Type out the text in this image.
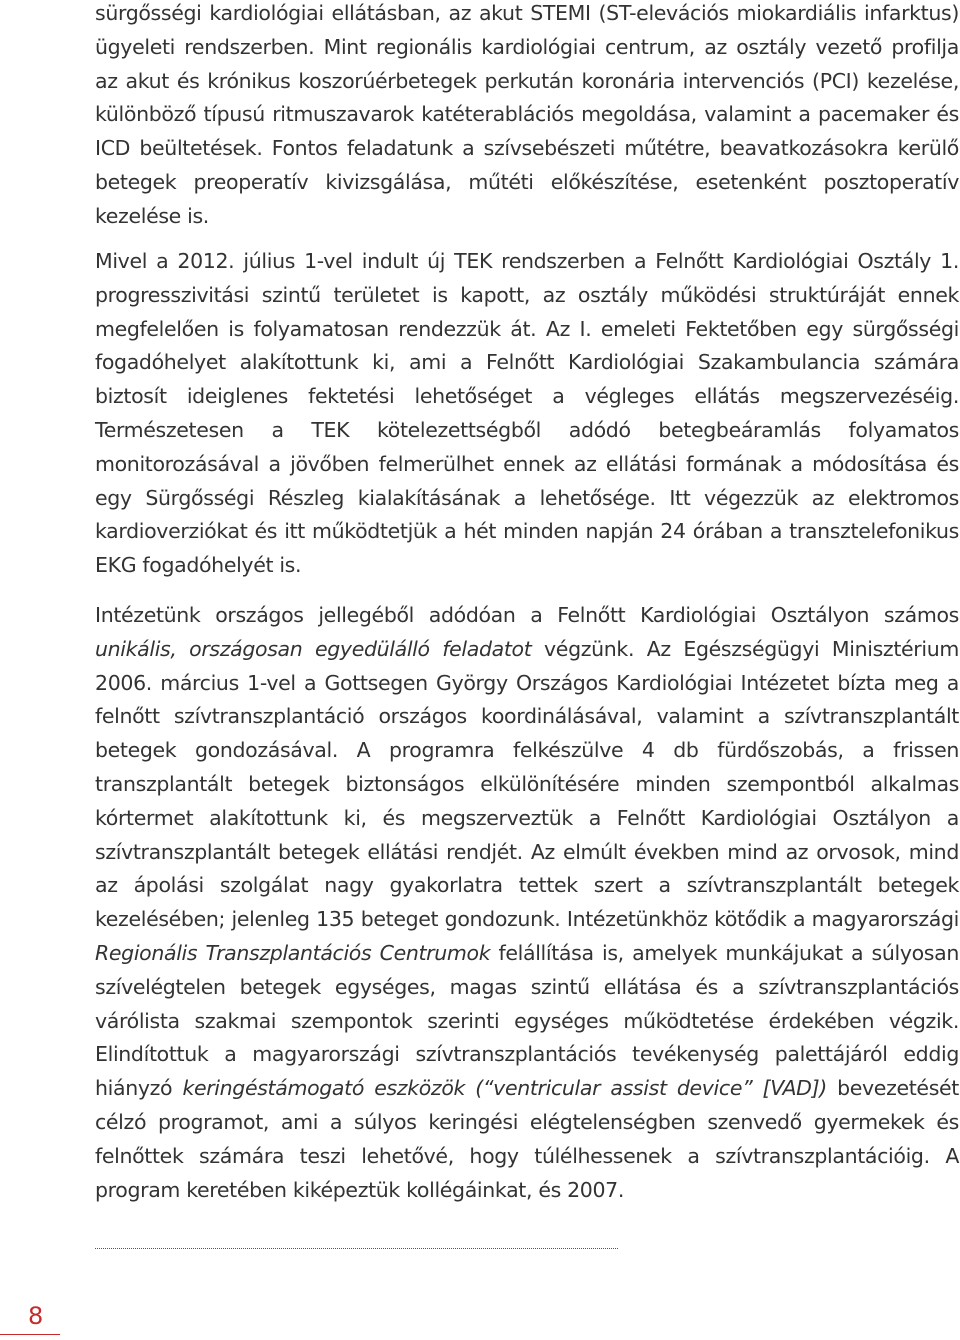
sürgősségi kardiológiai ellátásban, az akut STEMI (ST-elevációs miokardiális infarktus) ügyeleti rendszerben. Mint regionális kardiológiai centrum, az osztály vezető profilja az akut és krónikus koszorúérbetegek perkután koronária intervenciós (PCI) kezelése, különböző típusú ritmuszavarok katéterablációs megoldása, valamint a pacemaker és ICD beültetések. Fontos feladatunk a szívsebészeti műtétre, beavatkozásokra kerülő betegek preoperatív kivizsgálása, műtéti előkészítése, esetenként posztoperatív kezelése is.

Mivel a 2012. július 1-vel indult új TEK rendszerben a Felnőtt Kardiológiai Osztály 1. progresszivitási szintű területet is kapott, az osztály működési struktúráját ennek megfelelően is folyamatosan rendezzük át. Az I. emeleti Fektetőben egy sürgősségi fogadóhelyet alakítottunk ki, ami a Felnőtt Kardiológiai Szakambulancia számára biztosít ideiglenes fektetési lehetőséget a végleges ellátás megszervezéséig. Természetesen a TEK kötelezettségből adódó betegbeáramlás folyamatos monitorozásával a jövőben felmerülhet ennek az ellátási formának a módosítása és egy Sürgősségi Részleg kialakításának a lehetősége. Itt végezzük az elektromos kardioverziókat és itt működtetjük a hét minden napján 24 órában a transztelefonikus EKG fogadóhelyét is.

Intézetünk országos jellegéből adódóan a Felnőtt Kardiológiai Osztályon számos unikális, országosan egyedülálló feladatot végzünk. Az Egészségügyi Minisztérium 2006. március 1-vel a Gottsegen György Országos Kardiológiai Intézetet bízta meg a felnőtt szívtranszplantáció országos koordinálásával, valamint a szívtranszplantált betegek gondozásával. A programra felkészülve 4 db fürdőszobás, a frissen transzplantált betegek biztonságos elkülönítésére minden szempontból alkalmas kórtermet alakítottunk ki, és megszerveztük a Felnőtt Kardiológiai Osztályon a szívtranszplantált betegek ellátási rendjét. Az elmúlt években mind az orvosok, mind az ápolási szolgálat nagy gyakorlatra tettek szert a szívtranszplantált betegek kezelésében; jelenleg 135 beteget gondozunk. Intézetünkhöz kötődik a magyarországi Regionális Transzplantációs Centrumok felállítása is, amelyek munkájukat a súlyosan szívelégtelen betegek egységes, magas szintű ellátása és a szívtranszplantációs várólista szakmai szempontok szerinti egységes működtetése érdekében végzik. Elindítottuk a magyarországi szívtranszplantációs tevékenység palettájáról eddig hiányzó keringéstámogató eszközök (“ventricular assist device” [VAD]) bevezetését célzó programot, ami a súlyos keringési elégtelenségben szenvedő gyermekek és felnőttek számára teszi lehetővé, hogy túlélhessenek a szívtranszplantációig. A program keretében kiképeztük kollégáinkat, és 2007.

8
